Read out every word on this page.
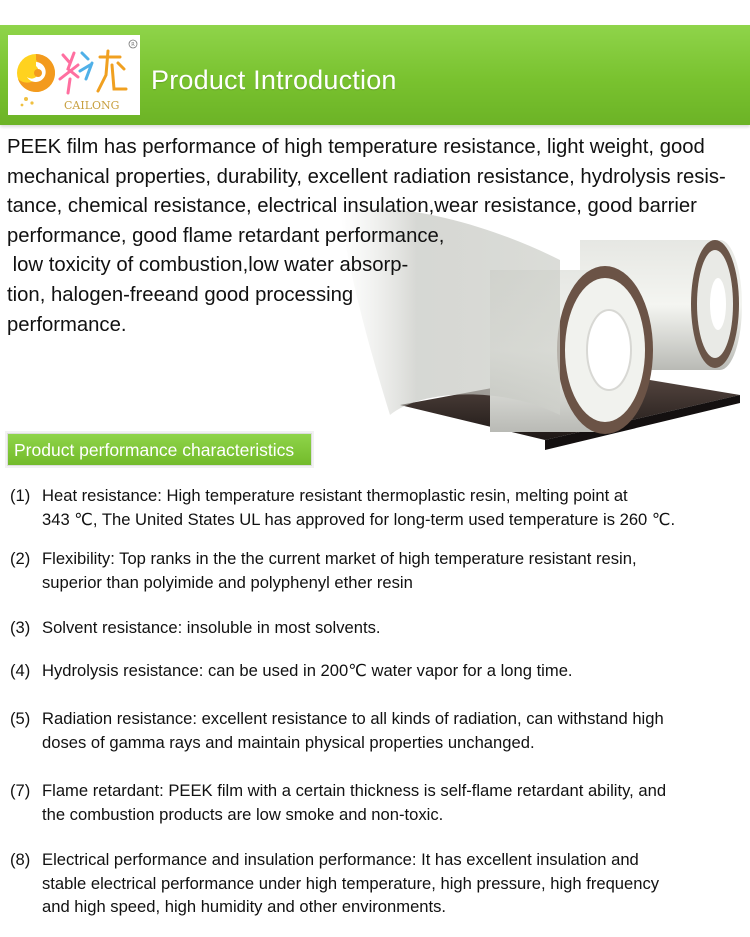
R
CAILONG
Product Introduction
PEEK film has performance of high temperature resistance, light weight, good
mechanical properties, durability, excellent radiation resistance, hydrolysis resis-
tance, chemical resistance, electrical insulation,wear resistance, good barrier
performance, good flame retardant performance,
low toxicity of combustion,low water absorp-
tion, halogen-freeand good processing
performance.
Product performance characteristics
(1) Heat resistance: High temperature resistant thermoplastic resin, melting point at
343 ℃, The United States UL has approved for long-term used temperature is 260 ℃.
(2) Flexibility: Top ranks in the the current market of high temperature resistant resin,
superior than polyimide and polyphenyl ether resin
(3) Solvent resistance: insoluble in most solvents.
(4) Hydrolysis resistance: can be used in 200℃ water vapor for a long time.
(5) Radiation resistance: excellent resistance to all kinds of radiation, can withstand high
doses of gamma rays and maintain physical properties unchanged.
(7) Flame retardant: PEEK film with a certain thickness is self-flame retardant ability, and
the combustion products are low smoke and non-toxic.
(8) Electrical performance and insulation performance: It has excellent insulation and
stable electrical performance under high temperature, high pressure, high frequency
and high speed, high humidity and other environments.
